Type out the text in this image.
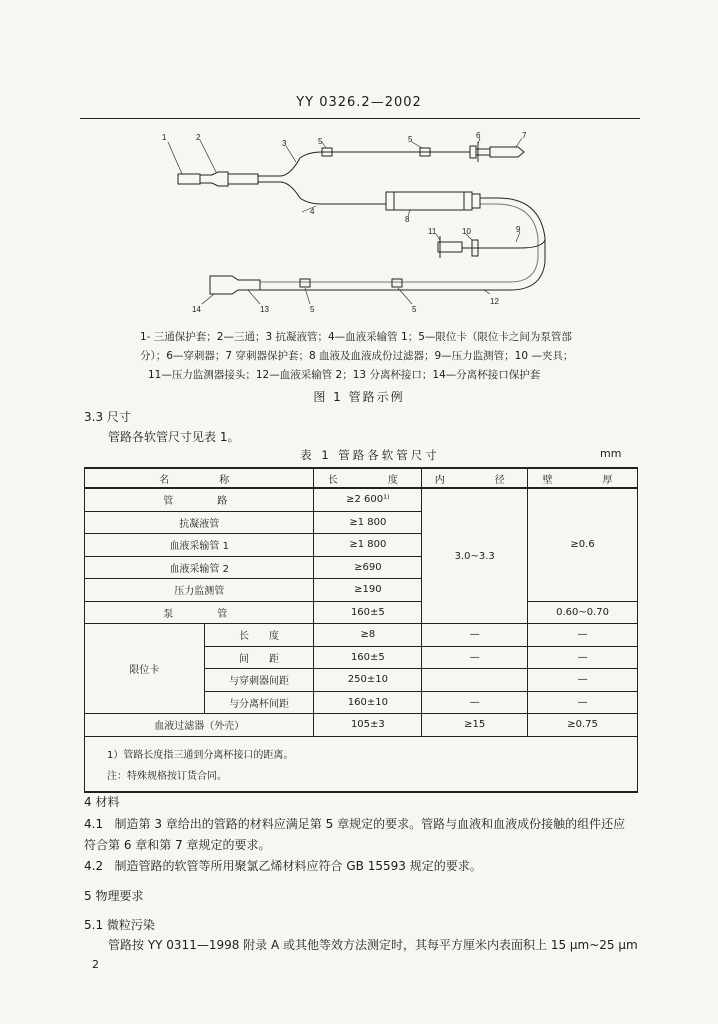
YY 0326.2—2002
1	2
3	5	5	6	7
4
8
9
10
11
12
13
14	5	5
1- 三通保护套；2—三通；3 抗凝液管；4—血液采输管 1；5—限位卡（限位卡之间为泵管部
分）；6—穿刺器；7 穿刺器保护套；8 血液及血液成份过滤器；9—压力监测管；10 —夹具；
11—压力监测器接头；12—血液采输管 2；13 分离杯接口；14—分离杯接口保护套
图 1 管路示例
3.3 尺寸
管路各软管尺寸见表 1。
表 1 管路各软管尺寸	mm
名　　称		长　　度	内　　径	壁　　厚
管　　路		≥2 600¹⁾	3.0~3.3	≥0.6
抗凝液管		≥1 800		
血液采输管 1		≥1 800		
血液采输管 2		≥690		
压力监测管		≥190		
泵　　管		160±5		0.60~0.70
限位卡	长　　度	≥8	—	—
	间　　距	160±5	—	—
	与穿刺器间距	250±10		—
	与分离杯间距	160±10	—	—
血液过滤器（外壳）		105±3	≥15	≥0.75
1）管路长度指三通到分离杯接口的距离。				
注：特殊规格按订货合同。				
4 材料
4.1 制造第 3 章给出的管路的材料应满足第 5 章规定的要求。管路与血液和血液成份接触的组件还应
符合第 6 章和第 7 章规定的要求。
4.2 制造管路的软管等所用聚氯乙烯材料应符合 GB 15593 规定的要求。
5 物理要求
5.1 微粒污染
管路按 YY 0311—1998 附录 A 或其他等效方法测定时，其每平方厘米内表面积上 15 μm~25 μm
2
